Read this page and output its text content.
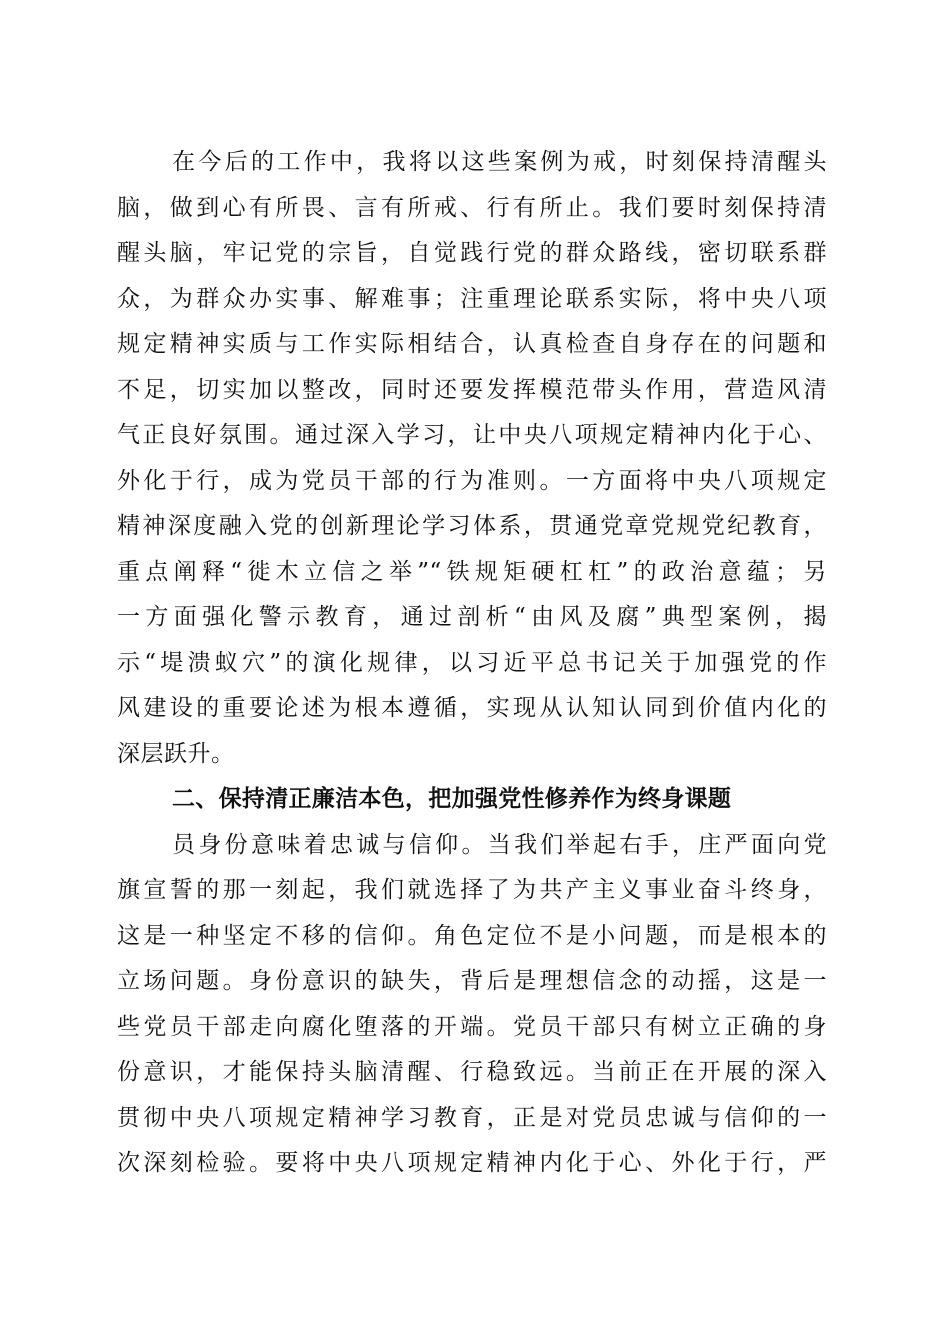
在今后的工作中，我将以这些案例为戒，时刻保持清醒头
脑，做到心有所畏、言有所戒、行有所止。我们要时刻保持清
醒头脑，牢记党的宗旨，自觉践行党的群众路线，密切联系群
众，为群众办实事、解难事；注重理论联系实际，将中央八项
规定精神实质与工作实际相结合，认真检查自身存在的问题和
不足，切实加以整改，同时还要发挥模范带头作用，营造风清
气正良好氛围。通过深入学习，让中央八项规定精神内化于心、
外化于行，成为党员干部的行为准则。一方面将中央八项规定
精神深度融入党的创新理论学习体系，贯通党章党规党纪教育，
重点阐释“徙木立信之举”“铁规矩硬杠杠”的政治意蕴；另
一方面强化警示教育，通过剖析“由风及腐”典型案例，揭
示“堤溃蚁穴”的演化规律，以习近平总书记关于加强党的作
风建设的重要论述为根本遵循，实现从认知认同到价值内化的
深层跃升。
二、保持清正廉洁本色，把加强党性修养作为终身课题
员身份意味着忠诚与信仰。当我们举起右手，庄严面向党
旗宣誓的那一刻起，我们就选择了为共产主义事业奋斗终身，
这是一种坚定不移的信仰。角色定位不是小问题，而是根本的
立场问题。身份意识的缺失，背后是理想信念的动摇，这是一
些党员干部走向腐化堕落的开端。党员干部只有树立正确的身
份意识，才能保持头脑清醒、行稳致远。当前正在开展的深入
贯彻中央八项规定精神学习教育，正是对党员忠诚与信仰的一
次深刻检验。要将中央八项规定精神内化于心、外化于行，严
